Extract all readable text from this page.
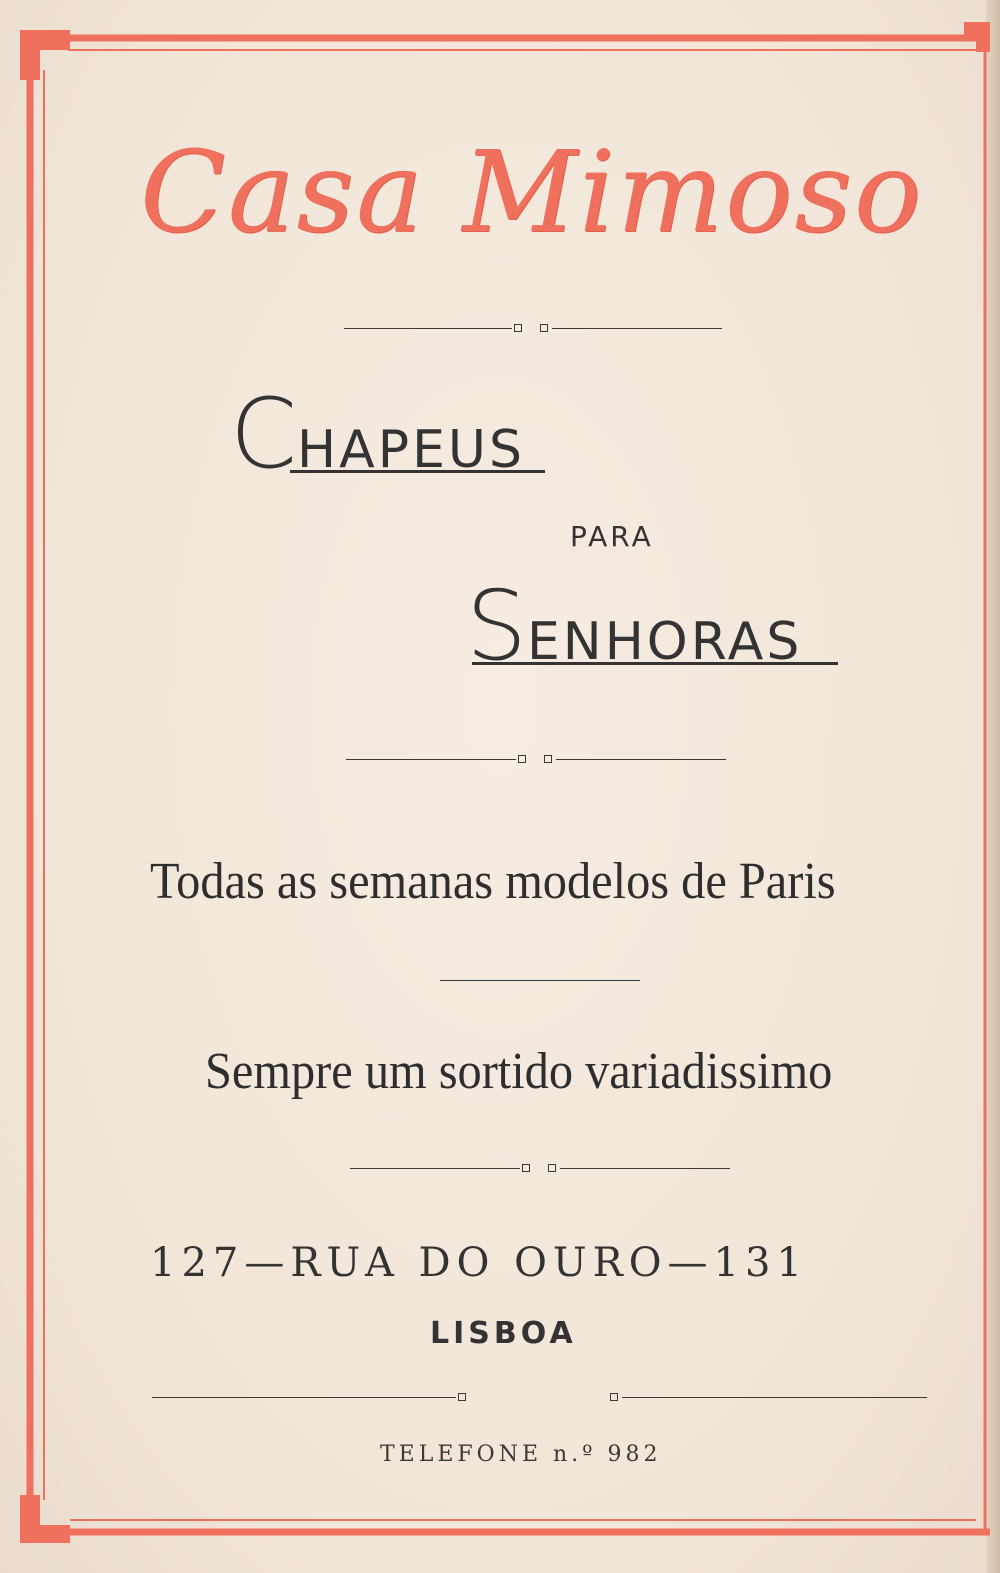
Casa Mimoso
CHAPEUS
PARA
SENHORAS
Todas as semanas modelos de Paris
Sempre um sortido variadissimo
127—RUA DO OURO—131
LISBOA
TELEFONE n.º 982
